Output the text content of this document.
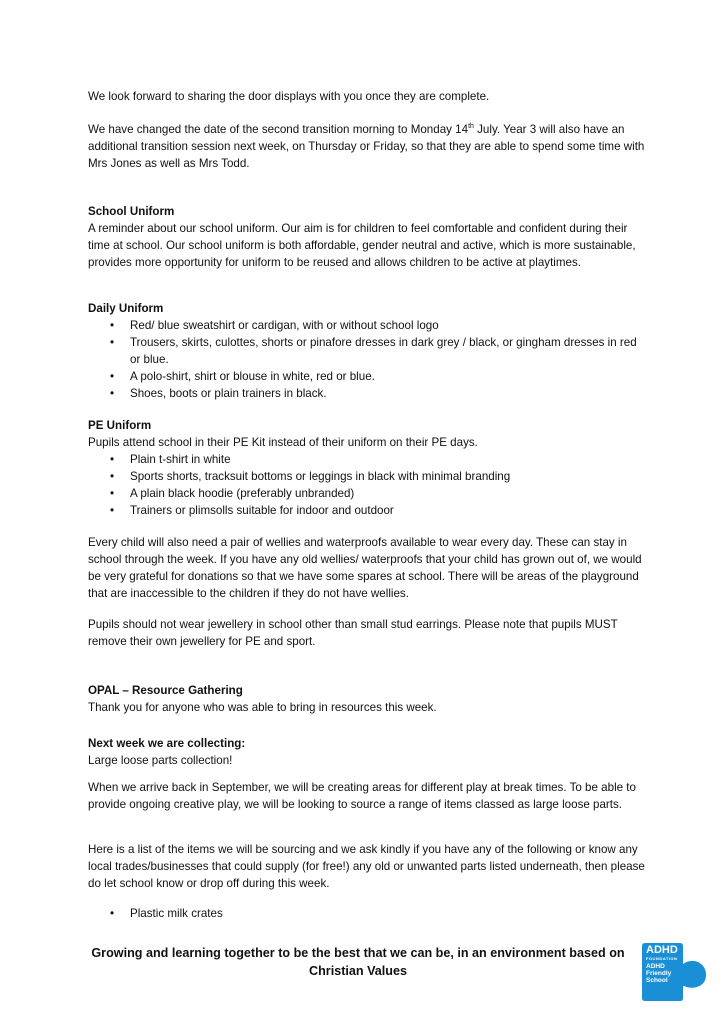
We look forward to sharing the door displays with you once they are complete.

We have changed the date of the second transition morning to Monday 14th July. Year 3 will also have an additional transition session next week, on Thursday or Friday, so that they are able to spend some time with Mrs Jones as well as Mrs Todd.

School Uniform

A reminder about our school uniform. Our aim is for children to feel comfortable and confident during their time at school. Our school uniform is both affordable, gender neutral and active, which is more sustainable, provides more opportunity for uniform to be reused and allows children to be active at playtimes.

Daily Uniform

• Red/ blue sweatshirt or cardigan, with or without school logo
• Trousers, skirts, culottes, shorts or pinafore dresses in dark grey / black, or gingham dresses in red or blue.
• A polo-shirt, shirt or blouse in white, red or blue.
• Shoes, boots or plain trainers in black.

PE Uniform

Pupils attend school in their PE Kit instead of their uniform on their PE days.

• Plain t-shirt in white
• Sports shorts, tracksuit bottoms or leggings in black with minimal branding
• A plain black hoodie (preferably unbranded)
• Trainers or plimsolls suitable for indoor and outdoor

Every child will also need a pair of wellies and waterproofs available to wear every day. These can stay in school through the week. If you have any old wellies/ waterproofs that your child has grown out of, we would be very grateful for donations so that we have some spares at school. There will be areas of the playground that are inaccessible to the children if they do not have wellies.

Pupils should not wear jewellery in school other than small stud earrings. Please note that pupils MUST remove their own jewellery for PE and sport.

OPAL – Resource Gathering

Thank you for anyone who was able to bring in resources this week.

Next week we are collecting:

Large loose parts collection!

When we arrive back in September, we will be creating areas for different play at break times. To be able to provide ongoing creative play, we will be looking to source a range of items classed as large loose parts.

Here is a list of the items we will be sourcing and we ask kindly if you have any of the following or know any local trades/businesses that could supply (for free!) any old or unwanted parts listed underneath, then please do let school know or drop off during this week.

• Plastic milk crates
Growing and learning together to be the best that we can be, in an environment based on Christian Values
ADHD
FOUNDATION
ADHD
Friendly
School
